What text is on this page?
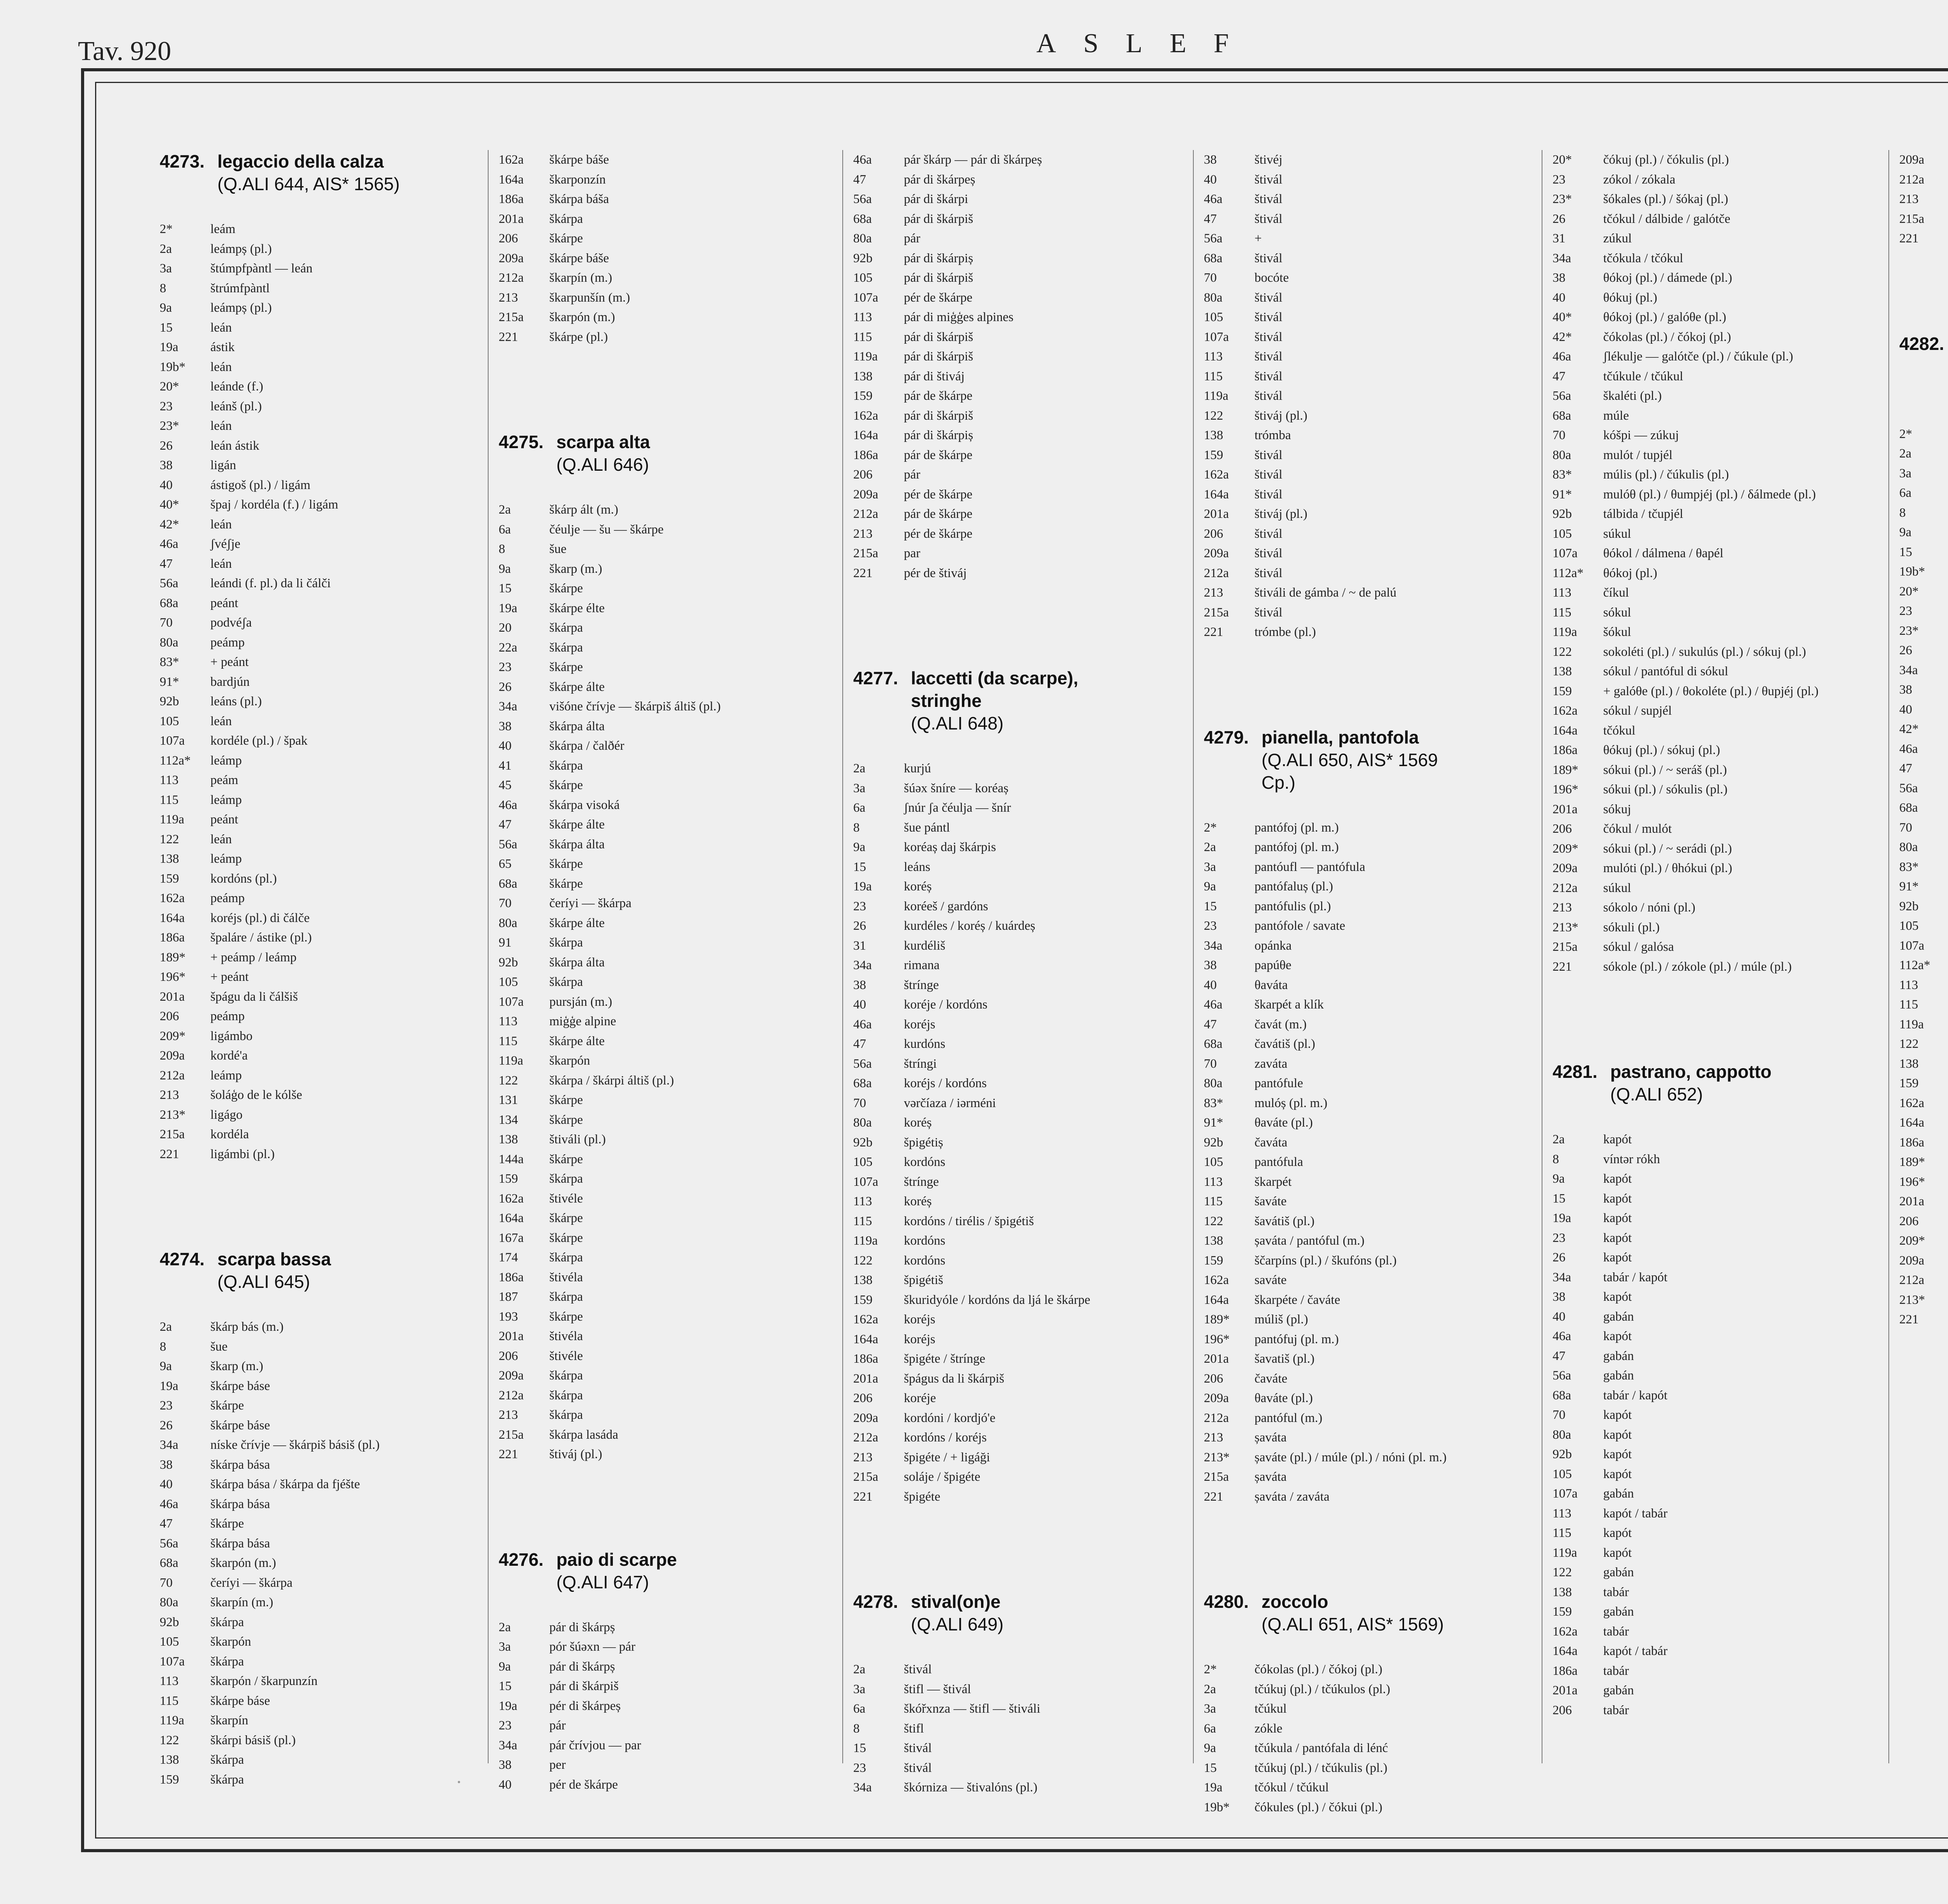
Tav. 920	ASLEF
4273. legaccio della calza
(Q.ALI 644, AIS* 1565)
2*	leám
2a	leámpș (pl.)
3a	štúmpfpàntl — leán
8	štrúmfpàntl
9a	leámpș (pl.)
15	leán
19a	ástik
19b*	leán
20*	leánde (f.)
23	leánš (pl.)
23*	leán
26	leán ástik
38	ligán
40	ástigoš (pl.) / ligám
40*	špaj / kordéla (f.) / ligám
42*	leán
46a	ʃvéʃje
47	leán
56a	leándi (f. pl.) da li čálči
68a	peánt
70	podvéʃa
80a	peámp
83*	+ peánt
91*	bardjún
92b	leáns (pl.)
105	leán
107a	kordéle (pl.) / špak
112a*	leámp
113	peám
115	leámp
119a	peánt
122	leán
138	leámp
159	kordóns (pl.)
162a	peámp
164a	koréjs (pl.) di čálče
186a	špaláre / ástike (pl.)
189*	+ peámp / leámp
196*	+ peánt
201a	špágu da li čálšiš
206	peámp
209*	ligámbo
209a	kordé'a
212a	leámp
213	šoláģo de le kólše
213*	ligágo
215a	kordéla
221	ligámbi (pl.)
4274. scarpa bassa
(Q.ALI 645)
2a	škárp bás (m.)
8	šue
9a	škarp (m.)
19a	škárpe báse
23	škárpe
26	škárpe báse
34a	níske črívje — škárpiš básiš (pl.)
38	škárpa bása
40	škárpa bása / škárpa da fjéšte
46a	škárpa bása
47	škárpe
56a	škárpa bása
68a	škarpón (m.)
70	čeríyi — škárpa
80a	škarpín (m.)
92b	škárpa
105	škarpón
107a	škárpa
113	škarpón / škarpunzín
115	škárpe báse
119a	škarpín
122	škárpi básiš (pl.)
138	škárpa
159	škárpa
162a	škárpe báše
164a	škarponzín
186a	škárpa báša
201a	škárpa
206	škárpe
209a	škárpe báše
212a	škarpín (m.)
213	škarpunšín (m.)
215a	škarpón (m.)
221	škárpe (pl.)
4275. scarpa alta
(Q.ALI 646)
2a	škárp ált (m.)
6a	čéulje — šu — škárpe
8	šue
9a	škarp (m.)
15	škárpe
19a	škárpe élte
20	škárpa
22a	škárpa
23	škárpe
26	škárpe álte
34a	višóne črívje — škárpiš áltiš (pl.)
38	škárpa álta
40	škárpa / čalðér
41	škárpa
45	škárpe
46a	škárpa visoká
47	škárpe álte
56a	škárpa álta
65	škárpe
68a	škárpe
70	čeríyi — škárpa
80a	škárpe álte
91	škárpa
92b	škárpa álta
105	škárpa
107a	pursján (m.)
113	miģģe alpine
115	škárpe álte
119a	škarpón
122	škárpa / škárpi áltiš (pl.)
131	škárpe
134	škárpe
138	štiváli (pl.)
144a	škárpe
159	škárpa
162a	štivéle
164a	škárpe
167a	škárpe
174	škárpa
186a	štivéla
187	škárpa
193	škárpe
201a	štivéla
206	štivéle
209a	škárpa
212a	škárpa
213	škárpa
215a	škárpa lasáda
221	štiváj (pl.)
4276. paio di scarpe
(Q.ALI 647)
2a	pár di škárpș
3a	pór šúəxn — pár
9a	pár di škárpș
15	pár di škárpiš
19a	pér di škárpeș
23	pár
34a	pár črívjou — par
38	per
40	pér de škárpe
46a	pár škárp — pár di škárpeș
47	pár di škárpeș
56a	pár di škárpi
68a	pár di škárpiš
80a	pár
92b	pár di škárpiș
105	pár di škárpiš
107a	pér de škárpe
113	pár di miģģes alpines
115	pár di škárpiš
119a	pár di škárpiš
138	pár di štiváj
159	pár de škárpe
162a	pár di škárpiš
164a	pár di škárpiș
186a	pár de škárpe
206	pár
209a	pér de škárpe
212a	pár de škárpe
213	pér de škárpe
215a	par
221	pér de štiváj
4277. laccetti (da scarpe), stringhe
(Q.ALI 648)
2a	kurjú
3a	šúəx šníre — koréaș
6a	ʃnúr ʃa čéulja — šnír
8	šue pántl
9a	koréaș daj škárpis
15	leáns
19a	koréș
23	koréeš / gardóns
26	kurdéles / koréș / kuárdeș
31	kurdéliš
34a	rimana
38	štrínge
40	koréje / kordóns
46a	koréjs
47	kurdóns
56a	štríngi
68a	koréjs / kordóns
70	vərčíaza / iərméni
80a	koréș
92b	špigétiș
105	kordóns
107a	štrínge
113	koréș
115	kordóns / tirélis / špigétiš
119a	kordóns
122	kordóns
138	špigétiš
159	škuridyóle / kordóns da ljá le škárpe
162a	koréjs
164a	koréjs
186a	špigéte / štrínge
201a	špágus da li škárpiš
206	koréje
209a	kordóni / kordjó'e
212a	kordóns / koréjs
213	špigéte / + ligáği
215a	solájе / špigéte
221	špigéte
4278. stival(on)e
(Q.ALI 649)
2a	štivál
3a	štifl — štivál
6a	škóřxnza — štifl — štiváli
8	štifl
15	štivál
23	štivál
34a	škórniza — štivalóns (pl.)
38	štivéj
40	štivál
46a	štivál
47	štivál
56a	+
68a	štivál
70	bocóte
80a	štivál
105	štivál
107a	štivál
113	štivál
115	štivál
119a	štivál
122	štiváj (pl.)
138	trómba
159	štivál
162a	štivál
164a	štivál
201a	štiváj (pl.)
206	štivál
209a	štivál
212a	štivál
213	štiváli de gámba / ~ de palú
215a	štivál
221	trómbe (pl.)
4279. pianella, pantofola
(Q.ALI 650, AIS* 1569 Cp.)
2*	pantófoj (pl. m.)
2a	pantófoj (pl. m.)
3a	pantóufl — pantófula
9a	pantófaluș (pl.)
15	pantófulis (pl.)
23	pantófole / savate
34a	opánka
38	papúθe
40	θaváta
46a	škarpét a klík
47	čavát (m.)
68a	čavátiš (pl.)
70	zaváta
80a	pantófule
83*	mulóș (pl. m.)
91*	θaváte (pl.)
92b	čaváta
105	pantófula
113	škarpét
115	šaváte
122	šavátiš (pl.)
138	șaváta / pantóful (m.)
159	ščarpíns (pl.) / škufóns (pl.)
162a	saváte
164a	škarpéte / čaváte
189*	múliš (pl.)
196*	pantófuj (pl. m.)
201a	šavatiš (pl.)
206	čaváte
209a	θaváte (pl.)
212a	pantóful (m.)
213	șaváta
213*	șaváte (pl.) / múle (pl.) / nóni (pl. m.)
215a	șaváta
221	șaváta / zaváta
4280. zoccolo
(Q.ALI 651, AIS* 1569)
2*	čókolas (pl.) / čókoj (pl.)
2a	tčúkuj (pl.) / tčúkulos (pl.)
3a	tčúkul
6a	zókle
9a	tčúkula / pantófala di lénć
15	tčúkuj (pl.) / tčúkulis (pl.)
19a	tčókul / tčúkul
19b*	čókules (pl.) / čókui (pl.)
20*	čókuj (pl.) / čókulis (pl.)
23	zókol / zókala
23*	šókales (pl.) / šókaj (pl.)
26	tčókul / dálbide / galótče
31	zúkul
34a	tčókula / tčókul
38	θókoj (pl.) / dámede (pl.)
40	θókuj (pl.)
40*	θókoj (pl.) / galóθe (pl.)
42*	čókolas (pl.) / čókoj (pl.)
46a	ʃlékulje — galótče (pl.) / čúkule (pl.)
47	tčúkule / tčúkul
56a	škaléti (pl.)
68a	múle
70	kóšpi — zúkuj
80a	mulót / tupjél
83*	múlis (pl.) / čúkulis (pl.)
91*	mulóθ (pl.) / θumpjéj (pl.) / δálmede (pl.)
92b	tálbida / tčupjél
105	súkul
107a	θókol / dálmena / θapél
112a*	θókoj (pl.)
113	číkul
115	sókul
119a	šókul
122	sokoléti (pl.) / sukulús (pl.) / sókuj (pl.)
138	sókul / pantóful di sókul
159	+ galóθe (pl.) / θokoléte (pl.) / θupjéj (pl.)
162a	sókul / supjél
164a	tčókul
186a	θókuj (pl.) / sókuj (pl.)
189*	sókui (pl.) / ~ seráš (pl.)
196*	sókui (pl.) / sókulis (pl.)
201a	sókuj
206	čókul / mulót
209*	sókui (pl.) / ~ serádi (pl.)
209a	mulóti (pl.) / θhókui (pl.)
212a	súkul
213	sókolo / nóni (pl.)
213*	sókuli (pl.)
215a	sókul / galósa
221	sókole (pl.) / zókole (pl.) / múle (pl.)
4281. pastrano, cappotto
(Q.ALI 652)
2a	kapót
8	víntər rókh
9a	kapót
15	kapót
19a	kapót
23	kapót
26	kapót
34a	tabár / kapót
38	kapót
40	gabán
46a	kapót
47	gabán
56a	gabán
68a	tabár / kapót
70	kapót
80a	kapót
92b	kapót
105	kapót
107a	gabán
113	kapót / tabár
115	kapót
119a	kapót
122	gabán
138	tabár
159	gabán
162a	tabár
164a	kapót / tabár
186a	tabár
201a	gabán
206	tabár
209a
212a
213
215a
221
4282.
2*
2a
3a
6a
8
9a
15
19b*
20*
23
23*
26
34a
38
40
42*
46a
47
56a
68a
70
80a
83*
91*
92b
105
107a
112a*
113
115
119a
122
138
159
162a
164a
186a
189*
196*
201a
206
209*
209a
212a
213*
221
